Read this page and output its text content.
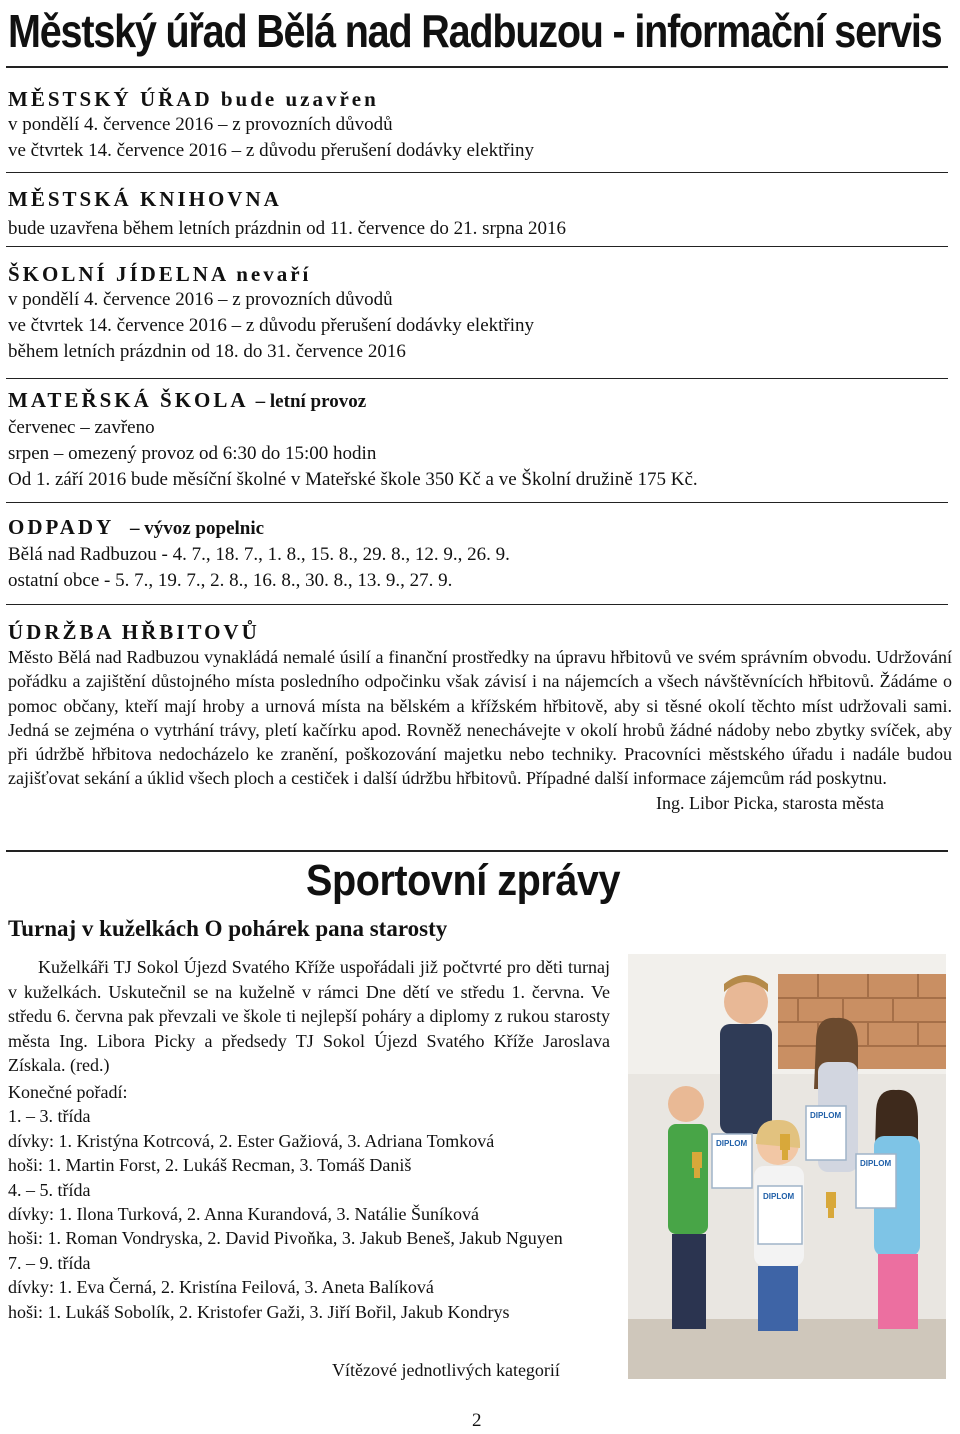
Městský úřad Bělá nad Radbuzou - informační servis
MĚSTSKÝ ÚŘAD bude uzavřen
v pondělí 4. července 2016 – z provozních důvodů
ve čtvrtek 14. července 2016 – z důvodu přerušení dodávky elektřiny
MĚSTSKÁ KNIHOVNA
bude uzavřena během letních prázdnin od 11. července do 21. srpna 2016
ŠKOLNÍ JÍDELNA nevaří
v pondělí 4. července 2016 – z provozních důvodů
ve čtvrtek 14. července 2016 – z důvodu přerušení dodávky elektřiny
během letních prázdnin od 18. do 31. července 2016
MATEŘSKÁ ŠKOLA – letní provoz
červenec – zavřeno
srpen – omezený provoz od 6:30 do 15:00 hodin
Od 1. září 2016 bude měsíční školné v Mateřské škole 350 Kč a ve Školní družině 175 Kč.
ODPADY – vývoz popelnic
Bělá nad Radbuzou - 4. 7., 18. 7., 1. 8., 15. 8., 29. 8., 12. 9., 26. 9.
ostatní obce - 5. 7., 19. 7., 2. 8., 16. 8., 30. 8., 13. 9., 27. 9.
ÚDRŽBA HŘBITOVŮ
Město Bělá nad Radbuzou vynakládá nemalé úsilí a finanční prostředky na úpravu hřbitovů ve svém správním obvodu. Udržování pořádku a zajištění důstojného místa posledního odpočinku však závisí i na nájemcích a všech návštěvnících hřbitovů. Žádáme o pomoc občany, kteří mají hroby a urnová místa na bělském a křížském hřbitově, aby si těsné okolí těchto míst udržovali sami. Jedná se zejména o vytrhání trávy, pletí kačírku apod. Rovněž nenechávejte v okolí hrobů žádné nádoby nebo zbytky svíček, aby při údržbě hřbitova nedocházelo ke zranění, poškozování majetku nebo techniky. Pracovníci městského úřadu i nadále budou zajišťovat sekání a úklid všech ploch a cestiček i další údržbu hřbitovů. Případné další informace zájemcům rád poskytnu.
Ing. Libor Picka, starosta města
Sportovní zprávy
Turnaj v kuželkách O pohárek pana starosty
Kuželkáři TJ Sokol Újezd Svatého Kříže uspořádali již počtvrté pro děti turnaj v kuželkách. Uskutečnil se na kuželně v rámci Dne dětí ve středu 1. června. Ve středu 6. června pak převzali ve škole ti nejlepší poháry a diplomy z rukou starosty města Ing. Libora Picky a předsedy TJ Sokol Újezd Svatého Kříže Jaroslava Získala. (red.)
Konečné pořadí:
1. – 3. třída
dívky: 1. Kristýna Kotrcová, 2. Ester Gažiová, 3. Adriana Tomková
hoši: 1. Martin Forst, 2. Lukáš Recman, 3. Tomáš Daniš
4. – 5. třída
dívky: 1. Ilona Turková, 2. Anna Kurandová, 3. Natálie Šuníková
hoši: 1. Roman Vondryska, 2. David Pivoňka, 3. Jakub Beneš, Jakub Nguyen
7. – 9. třída
dívky: 1. Eva Černá, 2. Kristína Feilová, 3. Aneta Balíková
hoši: 1. Lukáš Sobolík, 2. Kristofer Gaži, 3. Jiří Bořil, Jakub Kondrys
DIPLOM
DIPLOM
DIPLOM
DIPLOM
Vítězové jednotlivých kategorií
2
